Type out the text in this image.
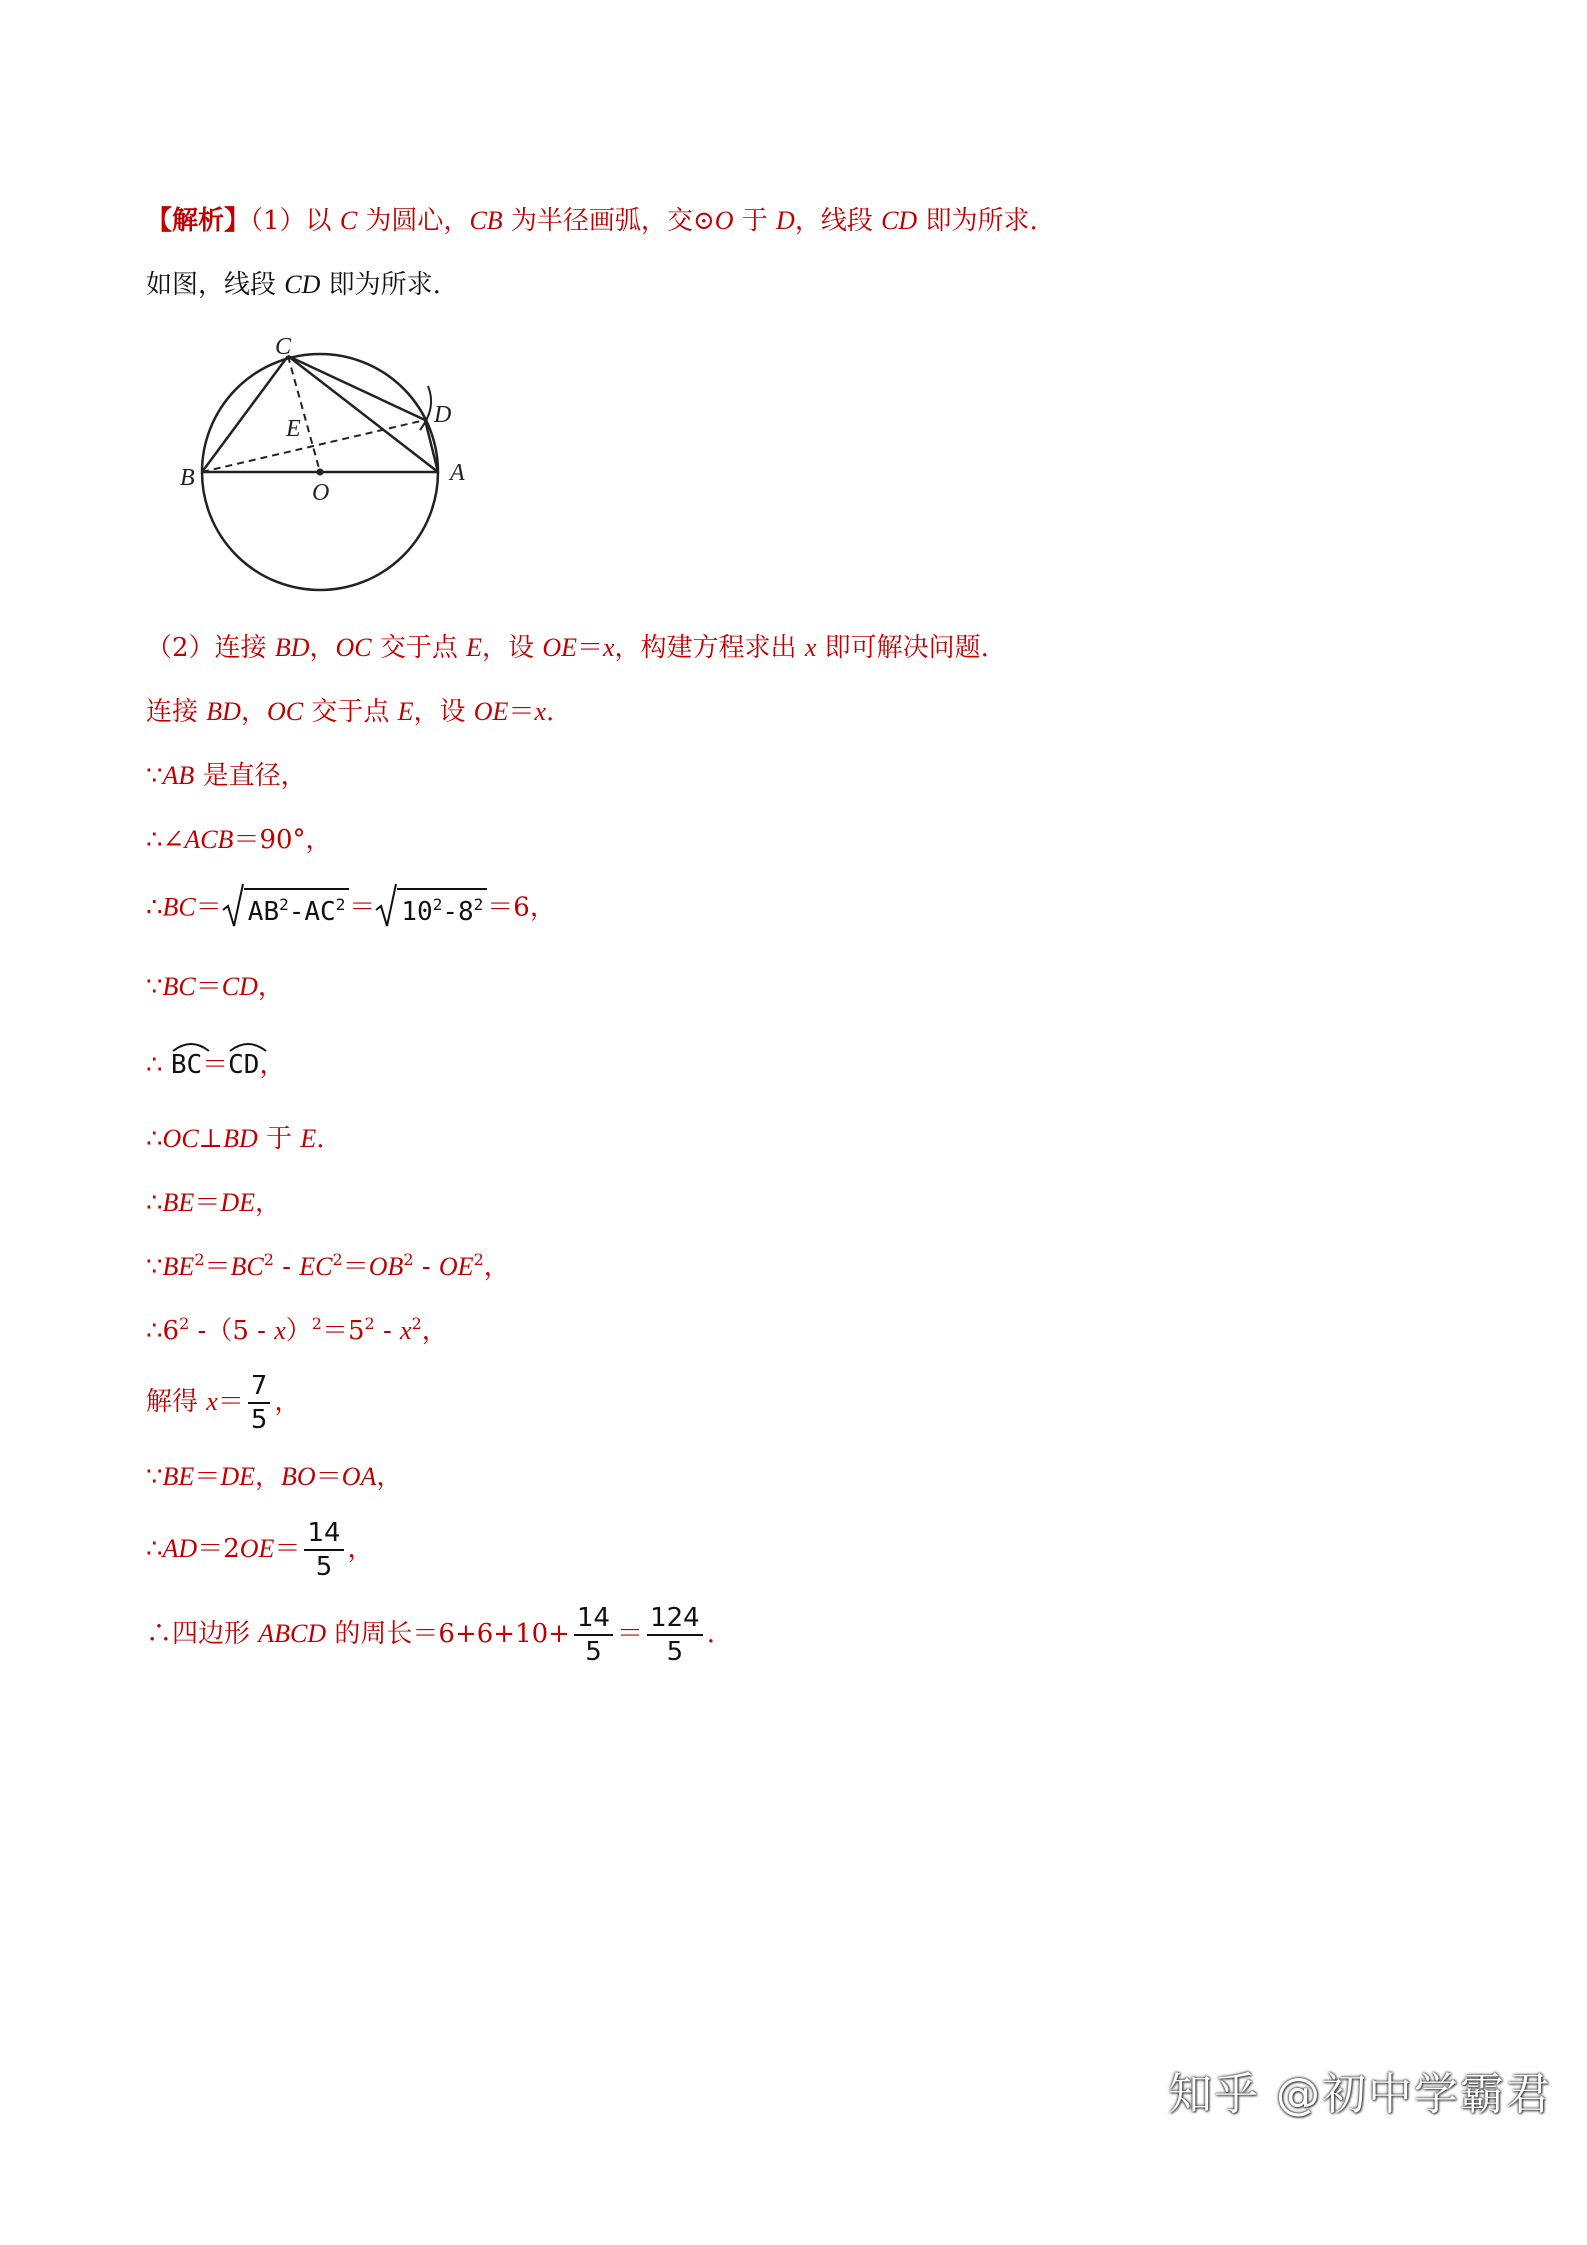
【解析】（1）以 C 为圆心，CB 为半径画弧，交⊙O 于 D，线段 CD 即为所求.
如图，线段 CD 即为所求.
C
D
E
B
O
A
（2）连接 BD，OC 交于点 E，设 OE＝x，构建方程求出 x 即可解决问题.
连接 BD，OC 交于点 E，设 OE＝x.
∵AB 是直径，
∴∠ACB＝90°，
∴BC＝ $AB^2-AC^2 = 10^2-8^2 =6$，
∵BC＝CD，
∴
BC＝
CD，
∴OC⊥BD 于 E.
∴BE＝DE，
$\because BE^2=BC^2 - EC^2=OB^2 - OE^2$，
$\therefore 6^2$ $-(5 - x)^2=5^2 - x^2$，
解得 $x= \frac{7}{5}$ ，
∵BE＝DE，BO＝OA，
∴AD＝2OE＝ $\frac{14}{5}$ ，
∴四边形 ABCD 的周长$=6+6+10+ \frac{14}{5} = \frac{124}{5}$ .
知乎 @初中学霸君
